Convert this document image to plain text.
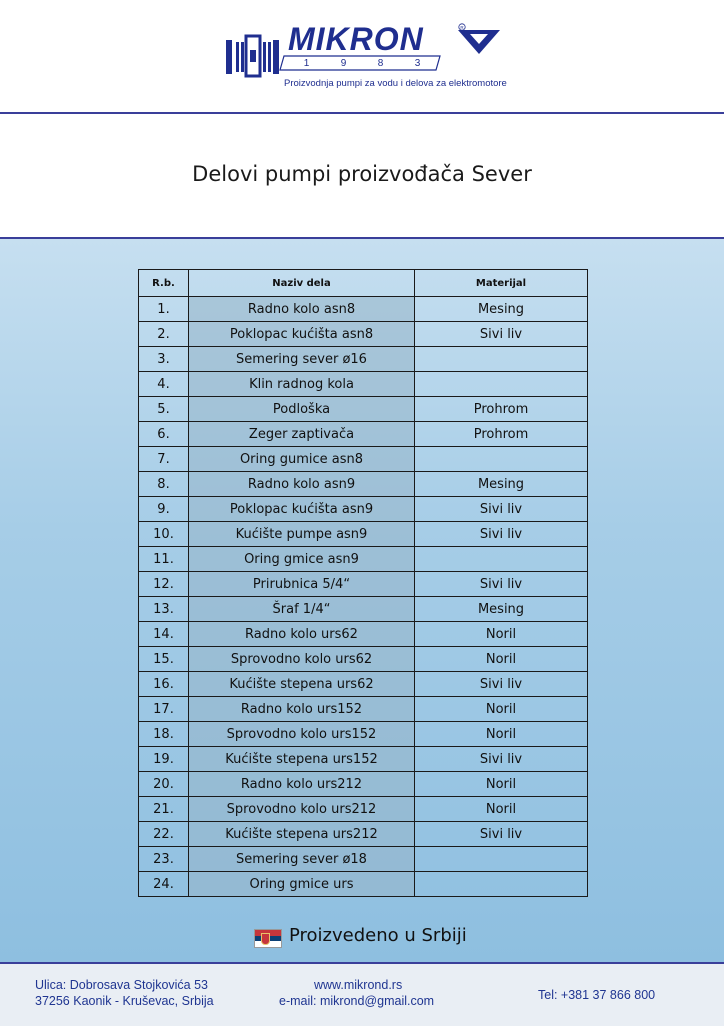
R
MIKRON
1	9	8	3
Proizvodnja pumpi za vodu i delova za elektromotore
Delovi pumpi proizvođača Sever
R.b.	Naziv dela	Materijal
1.	Radno kolo asn8	Mesing
2.	Poklopac kućišta asn8	Sivi liv
3.	Semering sever ø16	
4.	Klin radnog kola	
5.	Podloška	Prohrom
6.	Zeger zaptivača	Prohrom
7.	Oring gumice asn8	
8.	Radno kolo asn9	Mesing
9.	Poklopac kućišta asn9	Sivi liv
10.	Kućište pumpe asn9	Sivi liv
11.	Oring gmice asn9	
12.	Prirubnica 5/4“	Sivi liv
13.	Šraf 1/4“	Mesing
14.	Radno kolo urs62	Noril
15.	Sprovodno kolo urs62	Noril
16.	Kućište stepena urs62	Sivi liv
17.	Radno kolo urs152	Noril
18.	Sprovodno kolo urs152	Noril
19.	Kućište stepena urs152	Sivi liv
20.	Radno kolo urs212	Noril
21.	Sprovodno kolo urs212	Noril
22.	Kućište stepena urs212	Sivi liv
23.	Semering sever ø18	
24.	Oring gmice urs	
Proizvedeno u Srbiji
Ulica: Dobrosava Stojkovića 53
37256 Kaonik - Kruševac, Srbija
www.mikrond.rs
e-mail: mikrond@gmail.com	Tel: +381 37 866 800
